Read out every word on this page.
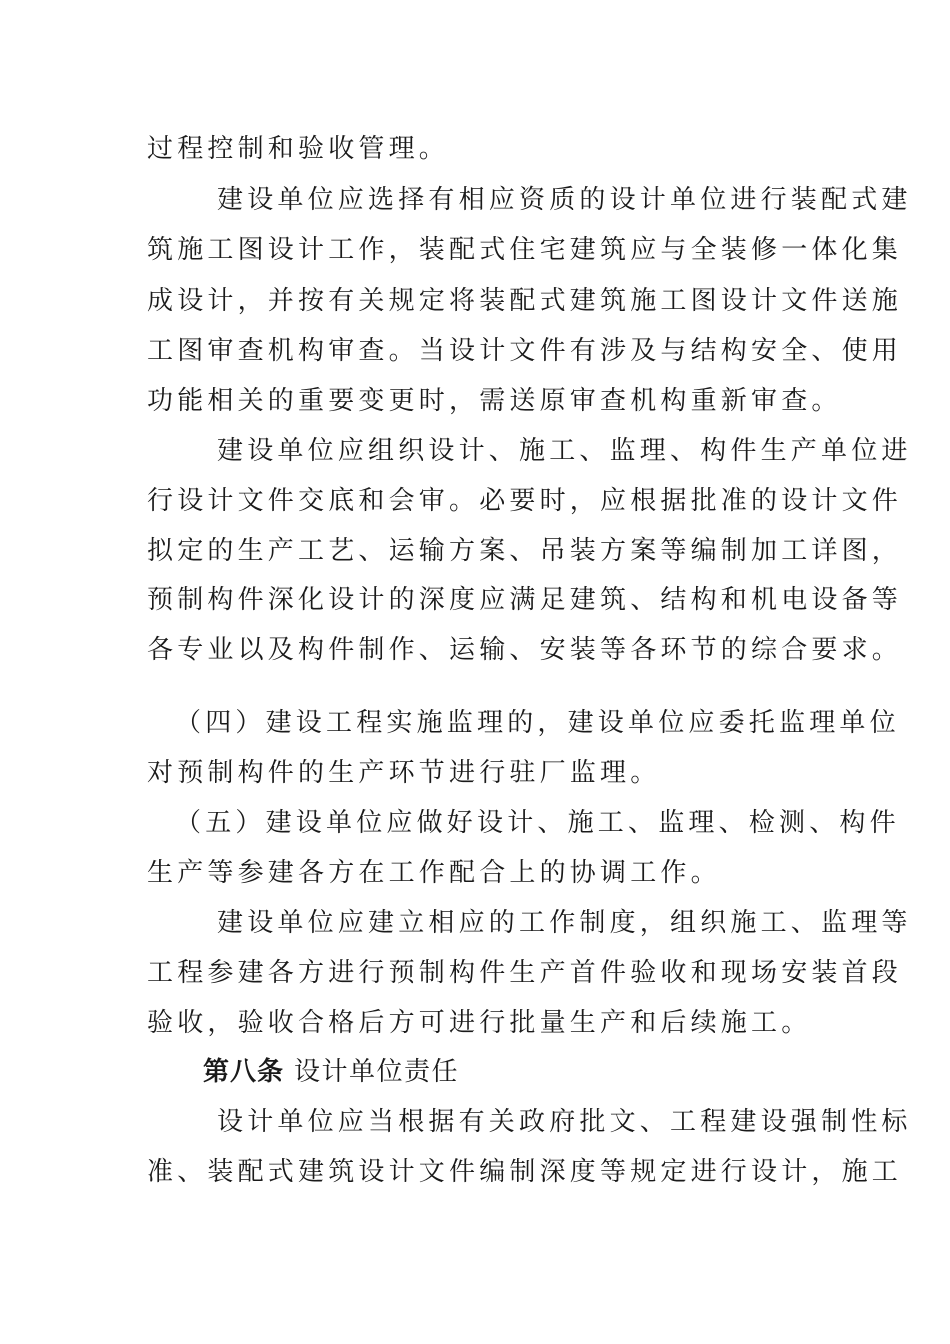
过程控制和验收管理。
建设单位应选择有相应资质的设计单位进行装配式建
筑施工图设计工作，装配式住宅建筑应与全装修一体化集
成设计，并按有关规定将装配式建筑施工图设计文件送施
工图审查机构审查。当设计文件有涉及与结构安全、使用
功能相关的重要变更时，需送原审查机构重新审查。
建设单位应组织设计、施工、监理、构件生产单位进
行设计文件交底和会审。必要时，应根据批准的设计文件
拟定的生产工艺、运输方案、吊装方案等编制加工详图，
预制构件深化设计的深度应满足建筑、结构和机电设备等
各专业以及构件制作、运输、安装等各环节的综合要求。
（四）建设工程实施监理的，建设单位应委托监理单位
对预制构件的生产环节进行驻厂监理。
（五）建设单位应做好设计、施工、监理、检测、构件
生产等参建各方在工作配合上的协调工作。
建设单位应建立相应的工作制度，组织施工、监理等
工程参建各方进行预制构件生产首件验收和现场安装首段
验收，验收合格后方可进行批量生产和后续施工。
第八条 设计单位责任
设计单位应当根据有关政府批文、工程建设强制性标
准、装配式建筑设计文件编制深度等规定进行设计，施工
